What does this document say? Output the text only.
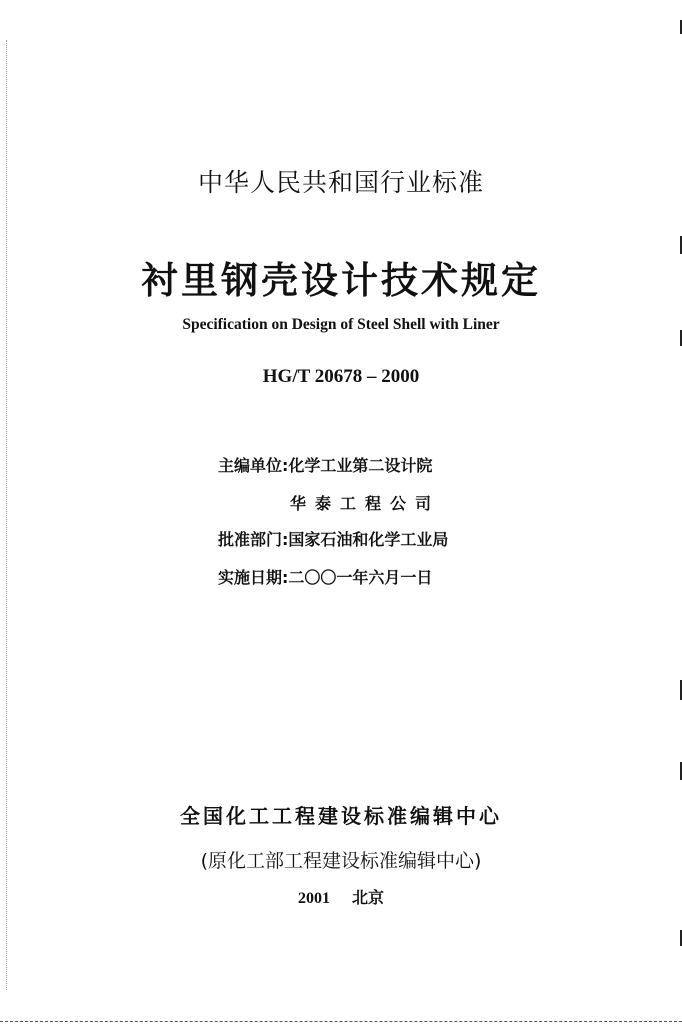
中华人民共和国行业标准
衬里钢壳设计技术规定
Specification on Design of Steel Shell with Liner
HG/T 20678 – 2000
主编单位:化学工业第二设计院
华泰工程公司
批准部门:国家石油和化学工业局
实施日期:二〇〇一年六月一日
全国化工工程建设标准编辑中心
(原化工部工程建设标准编辑中心)
2001 北京
